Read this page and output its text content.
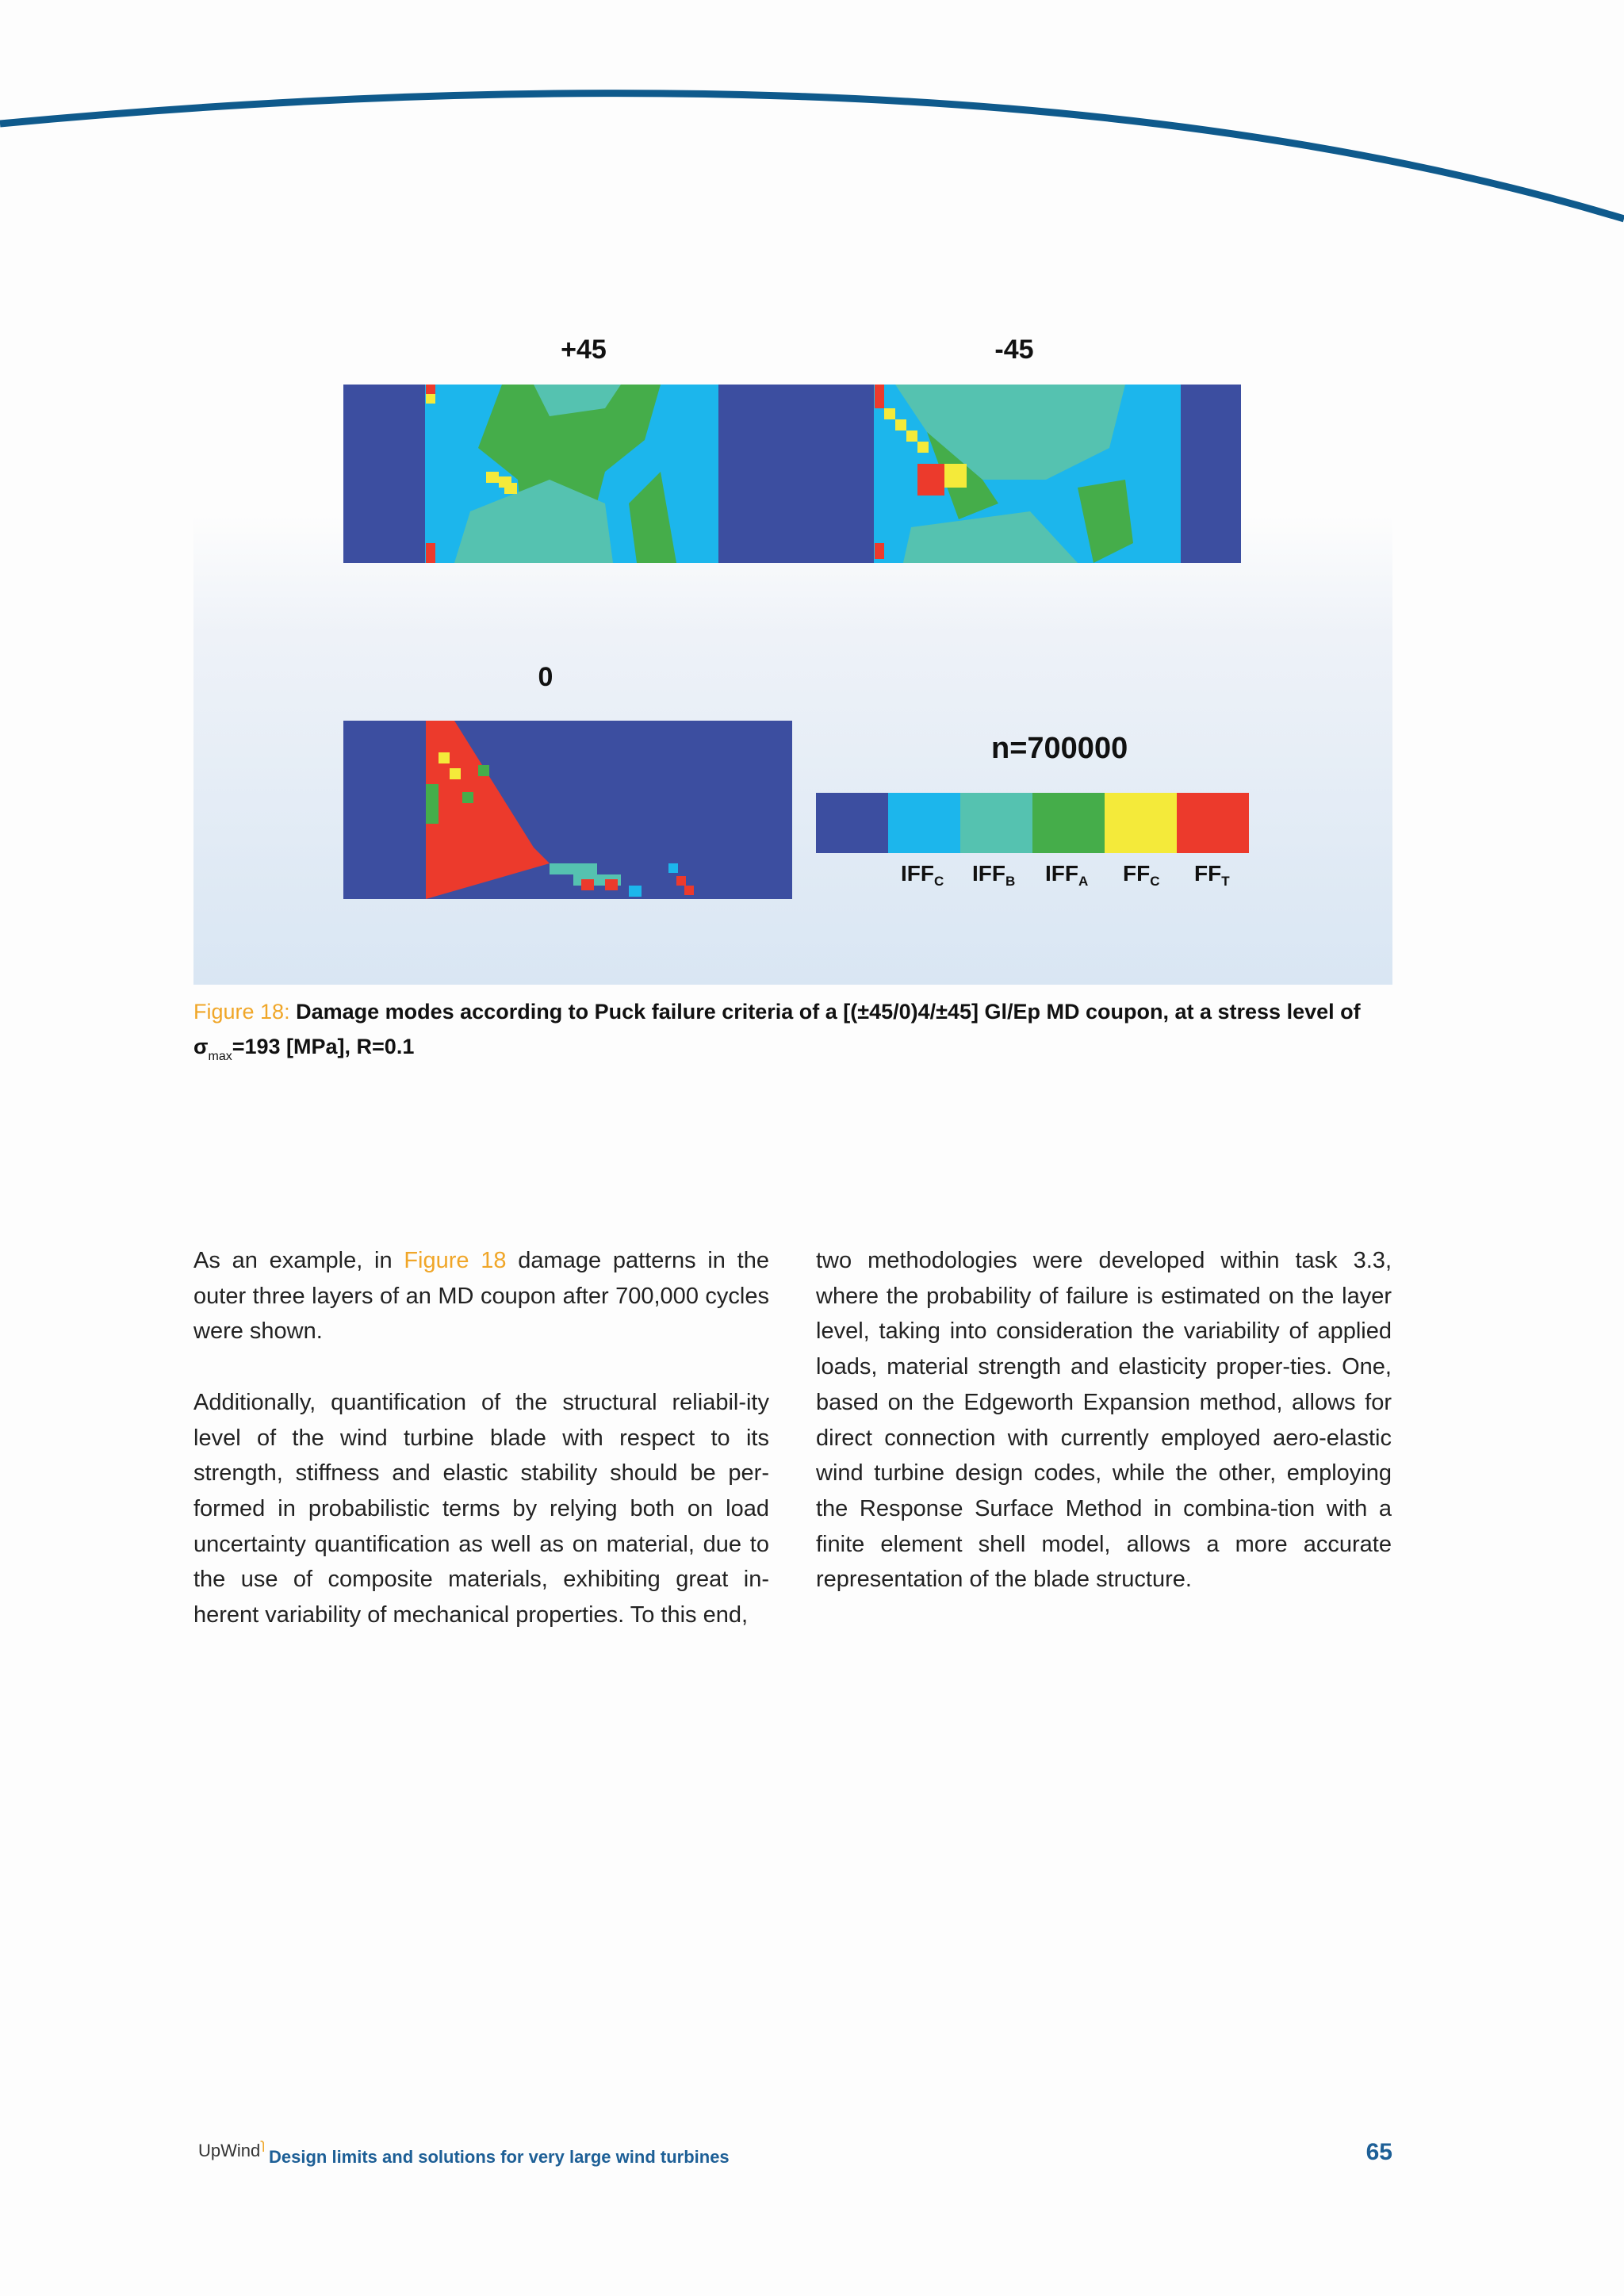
+45	-45
0
n=700000
$IFF_C$ $IFF_B$ $IFF_A$ $FF_C$ $FF_T$
Figure 18: Damage modes according to Puck failure criteria of a [(±45/0)4/±45] Gl/Ep MD coupon, at a stress level of $\sigma_{max}=193$ [MPa], R=0.1

As an example, in Figure 18 damage patterns in the outer three layers of an MD coupon after 700,000 cycles were shown.

Additionally, quantification of the structural reliabil-ity level of the wind turbine blade with respect to its strength, stiffness and elastic stability should be per-formed in probabilistic terms by relying both on load uncertainty quantification as well as on material, due to the use of composite materials, exhibiting great in-herent variability of mechanical properties. To this end,

two methodologies were developed within task 3.3, where the probability of failure is estimated on the layer level, taking into consideration the variability of applied loads, material strength and elasticity proper-ties. One, based on the Edgeworth Expansion method, allows for direct connection with currently employed aero-elastic wind turbine design codes, while the other, employing the Response Surface Method in combina-tion with a finite element shell model, allows a more accurate representation of the blade structure.

UpWind$^ɿ$
Design limits and solutions for very large wind turbines	65
